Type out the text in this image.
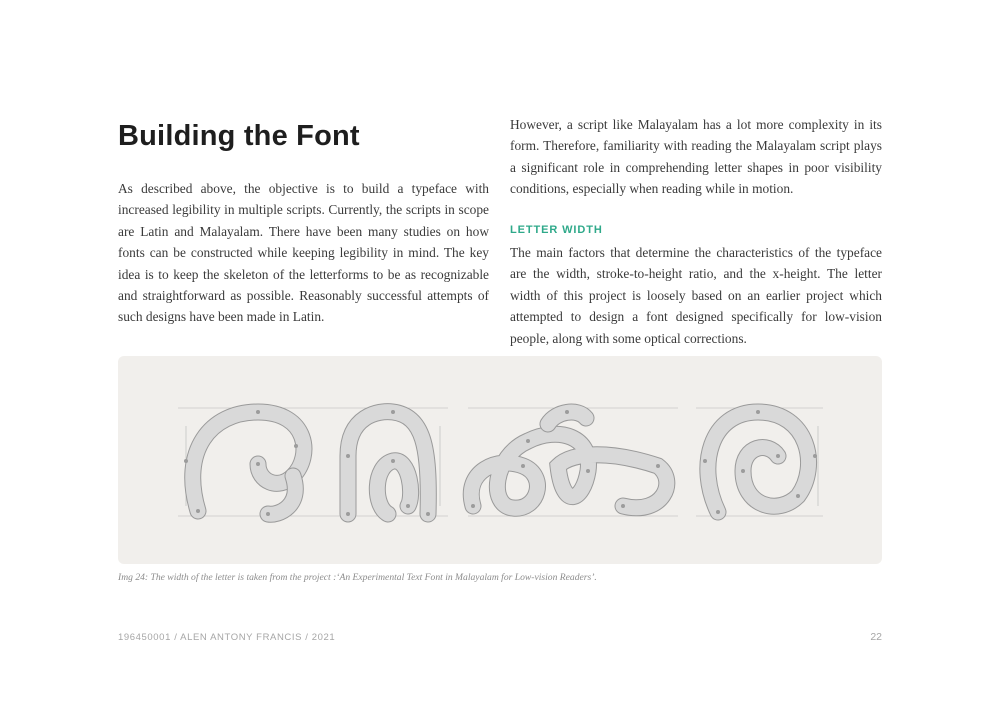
Building the Font

As described above, the objective is to build a typeface with increased legibility in multiple scripts. Currently, the scripts in scope are Latin and Malayalam. There have been many studies on how fonts can be constructed while keeping legibility in mind. The key idea is to keep the skeleton of the letterforms to be as recognizable and straightforward as possible. Reasonably successful attempts of such designs have been made in Latin.

However, a script like Malayalam has a lot more complexity in its form. Therefore, familiarity with reading the Malayalam script plays a significant role in comprehending letter shapes in poor visibility conditions, especially when reading while in motion.

LETTER WIDTH

The main factors that determine the characteristics of the typeface are the width, stroke-to-height ratio, and the x-height. The letter width of this project is loosely based on an earlier project which attempted to design a font designed specifically for low-vision people, along with some optical corrections.

Img 24: The width of the letter is taken from the project :‘An Experimental Text Font in Malayalam for Low-vision Readers’.

196450001 / ALEN ANTONY FRANCIS / 2021	22
